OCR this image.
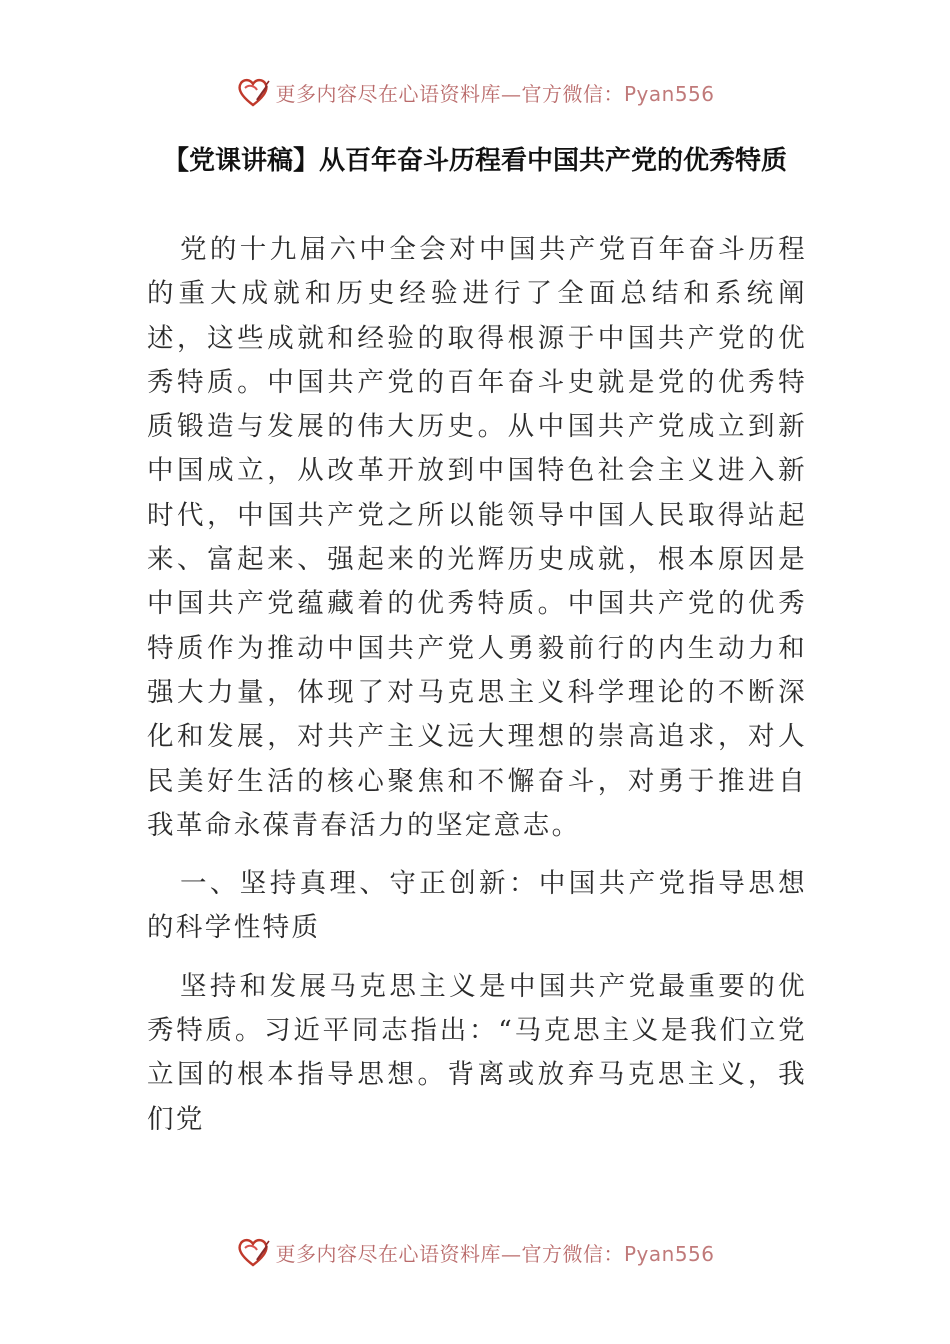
更多内容尽在心语资料库—官方微信：Pyan556
【党课讲稿】从百年奋斗历程看中国共产党的优秀特质

党的十九届六中全会对中国共产党百年奋斗历程的重大成就和历史经验进行了全面总结和系统阐述，这些成就和经验的取得根源于中国共产党的优秀特质。中国共产党的百年奋斗史就是党的优秀特质锻造与发展的伟大历史。从中国共产党成立到新中国成立，从改革开放到中国特色社会主义进入新时代，中国共产党之所以能领导中国人民取得站起来、富起来、强起来的光辉历史成就，根本原因是中国共产党蕴藏着的优秀特质。中国共产党的优秀特质作为推动中国共产党人勇毅前行的内生动力和强大力量，体现了对马克思主义科学理论的不断深化和发展，对共产主义远大理想的崇高追求，对人民美好生活的核心聚焦和不懈奋斗，对勇于推进自我革命永葆青春活力的坚定意志。

一、坚持真理、守正创新：中国共产党指导思想的科学性特质

坚持和发展马克思主义是中国共产党最重要的优秀特质。习近平同志指出：“马克思主义是我们立党立国的根本指导思想。背离或放弃马克思主义，我们党

更多内容尽在心语资料库—官方微信：Pyan556
